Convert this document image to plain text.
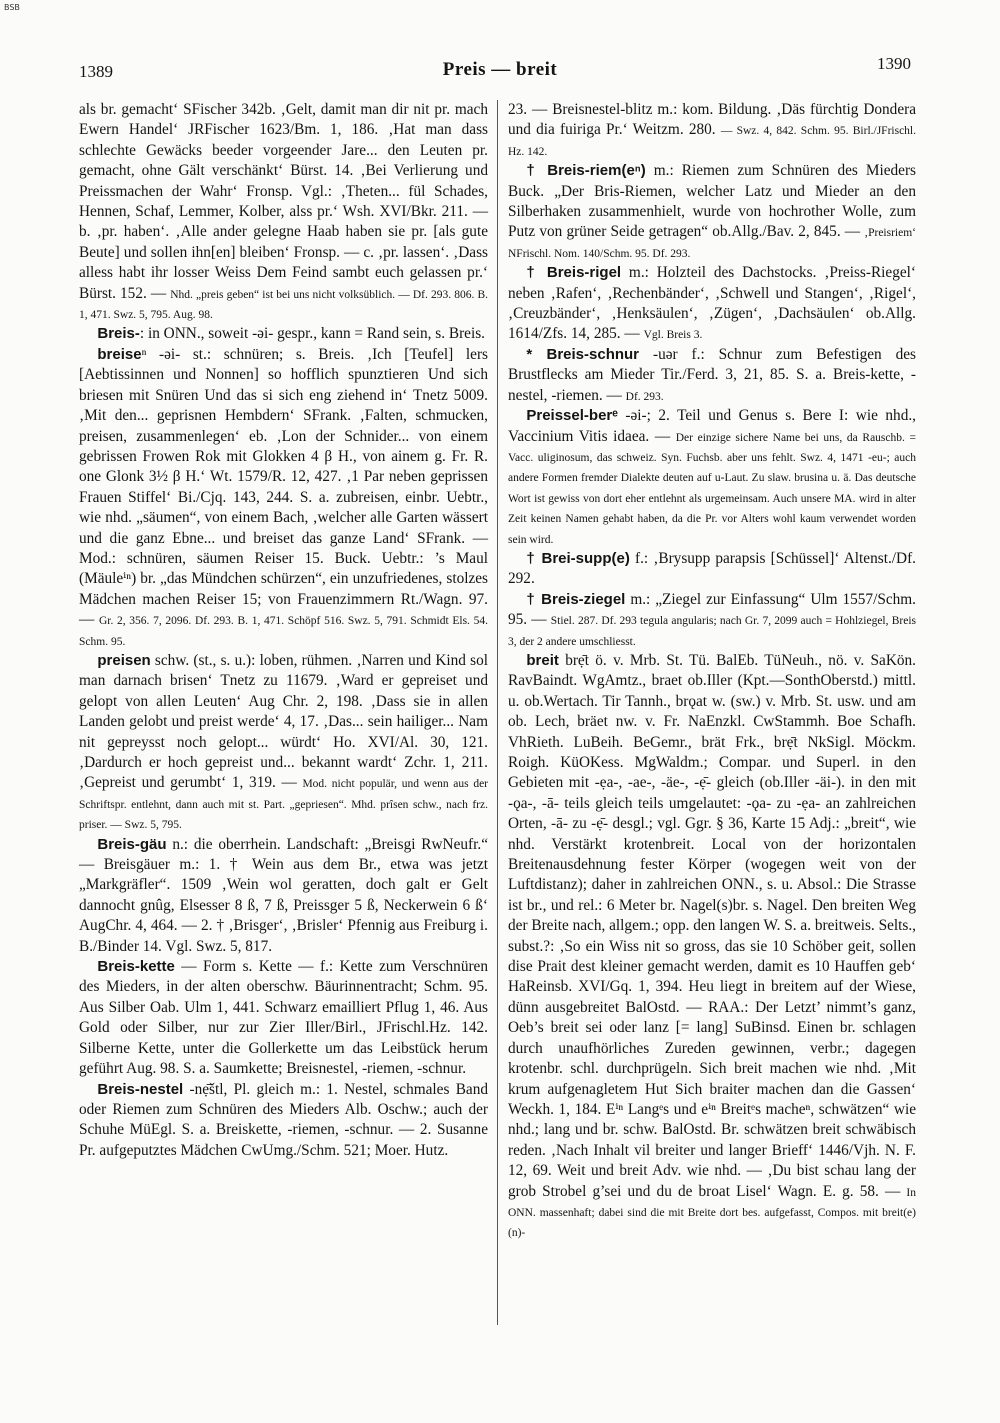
BSB
1389	Preis — breit	1390

als br. gemacht‘ SFischer 342b. ‚Gelt, damit man dir nit pr. mach Ewern Handel‘ JRFischer 1623/Bm. 1, 186. ‚Hat man dass schlechte Gewäcks beeder vorgeender Jare... den Leuten pr. gemacht, ohne Gält verschänkt‘ Bürst. 14. ‚Bei Verlierung und Preissmachen der Wahr‘ Fronsp. Vgl.: ‚Theten... fül Schades, Hennen, Schaf, Lemmer, Kolber, alss pr.‘ Wsh. XVI/Bkr. 211. — b. ‚pr. haben‘. ‚Alle ander gelegne Haab haben sie pr. [als gute Beute] und sollen ihn[en] bleiben‘ Fronsp. — c. ‚pr. lassen‘. ‚Dass alless habt ihr losser Weiss Dem Feind sambt euch gelassen pr.‘ Bürst. 152. — Nhd. „preis geben“ ist bei uns nicht volksüblich. — Df. 293. 806. B. 1, 471. Swz. 5, 795. Aug. 98.

Breis-: in ONN., soweit -əi- gespr., kann = Rand sein, s. Breis.

breiseⁿ -əi- st.: schnüren; s. Breis. ‚Ich [Teufel] lers [Aebtissinnen und Nonnen] so hofflich spunztieren Und sich briesen mit Snüren Und das si sich eng ziehend in‘ Tnetz 5009. ‚Mit den... geprisnen Hembdern‘ SFrank. ‚Falten, schmucken, preisen, zusammenlegen‘ eb. ‚Lon der Schnider... von einem gebrissen Frowen Rok mit Glokken 4 β H., von ainem g. Fr. R. one Glonk 3½ β H.‘ Wt. 1579/R. 12, 427. ‚1 Par neben geprissen Frauen Stiffel‘ Bi./Cjq. 143, 244. S. a. zubreisen, einbr. Uebtr., wie nhd. „säumen“, von einem Bach, ‚welcher alle Garten wässert und die ganz Ebne... und breiset das ganze Land‘ SFrank. — Mod.: schnüren, säumen Reiser 15. Buck. Uebtr.: ’s Maul (Mäuleⁱⁿ) br. „das Mündchen schürzen“, ein unzufriedenes, stolzes Mädchen machen Reiser 15; von Frauenzimmern Rt./Wagn. 97. — Gr. 2, 356. 7, 2096. Df. 293. B. 1, 471. Schöpf 516. Swz. 5, 791. Schmidt Els. 54. Schm. 95.

preisen schw. (st., s. u.): loben, rühmen. ‚Narren und Kind sol man darnach brisen‘ Tnetz zu 11679. ‚Ward er gepreiset und gelopt von allen Leuten‘ Aug Chr. 2, 198. ‚Dass sie in allen Landen gelobt und preist werde‘ 4, 17. ‚Das... sein hailiger... Nam nit gepreysst noch gelopt... würdt‘ Ho. XVI/Al. 30, 121. ‚Dardurch er hoch gepreist und... bekannt wardt‘ Zchr. 1, 211. ‚Gepreist und gerumbt‘ 1, 319. — Mod. nicht populär, und wenn aus der Schriftspr. entlehnt, dann auch mit st. Part. „gepriesen“. Mhd. prîsen schw., nach frz. priser. — Swz. 5, 795.

Breis-gäu n.: die oberrhein. Landschaft: „Breisgi RwNeufr.“ — Breisgäuer m.: 1. † Wein aus dem Br., etwa was jetzt „Markgräfler“. 1509 ‚Wein wol geratten, doch galt er Gelt dannocht gnûg, Elsesser 8 ß, 7 ß, Preissger 5 ß, Neckerwein 6 ß‘ AugChr. 4, 464. — 2. † ‚Brisger‘, ‚Brisler‘ Pfennig aus Freiburg i. B./Binder 14. Vgl. Swz. 5, 817.

Breis-kette — Form s. Kette — f.: Kette zum Verschnüren des Mieders, in der alten oberschw. Bäurinnentracht; Schm. 95. Aus Silber Oab. Ulm 1, 441. Schwarz emailliert Pflug 1, 46. Aus Gold oder Silber, nur zur Zier Iller/Birl., JFrischl.Hz. 142. Silberne Kette, unter die Gollerkette um das Leibstück herum geführt Aug. 98. S. a. Saumkette; Breisnestel, -riemen, -schnur.

Breis-nestel -nẹ̄štl, Pl. gleich m.: 1. Nestel, schmales Band oder Riemen zum Schnüren des Mieders Alb. Oschw.; auch der Schuhe MüEgl. S. a. Breiskette, -riemen, -schnur. — 2. Susanne Pr. aufgeputztes Mädchen CwUmg./Schm. 521; Moer. Hutz.

23. — Breisnestel-blitz m.: kom. Bildung. ‚Däs fürchtig Dondera und dia fuiriga Pr.‘ Weitzm. 280. — Swz. 4, 842. Schm. 95. Birl./JFrischl. Hz. 142.

† Breis-riem(eⁿ) m.: Riemen zum Schnüren des Mieders Buck. „Der Bris-Riemen, welcher Latz und Mieder an den Silberhaken zusammenhielt, wurde von hochrother Wolle, zum Putz von grüner Seide getragen“ ob.Allg./Bav. 2, 845. — ‚Preisriem‘ NFrischl. Nom. 140/Schm. 95. Df. 293.

† Breis-rigel m.: Holzteil des Dachstocks. ‚Preiss-Riegel‘ neben ‚Rafen‘, ‚Rechenbänder‘, ‚Schwell und Stangen‘, ‚Rigel‘, ‚Creuzbänder‘, ‚Henksäulen‘, ‚Zügen‘, ‚Dachsäulen‘ ob.Allg. 1614/Zfs. 14, 285. — Vgl. Breis 3.

* Breis-schnur -uər f.: Schnur zum Befestigen des Brustflecks am Mieder Tir./Ferd. 3, 21, 85. S. a. Breis-kette, -nestel, -riemen. — Df. 293.

Preissel-berᵉ -əi-; 2. Teil und Genus s. Bere I: wie nhd., Vaccinium Vitis idaea. — Der einzige sichere Name bei uns, da Rauschb. = Vacc. uliginosum, das schweiz. Syn. Fuchsb. aber uns fehlt. Swz. 4, 1471 -eu-; auch andere Formen fremder Dialekte deuten auf u-Laut. Zu slaw. brusina u. ä. Das deutsche Wort ist gewiss von dort eher entlehnt als urgemeinsam. Auch unsere MA. wird in alter Zeit keinen Namen gehabt haben, da die Pr. vor Alters wohl kaum verwendet worden sein wird.

† Brei-supp(e) f.: ‚Brysupp parapsis [Schüssel]‘ Altenst./Df. 292.

† Breis-ziegel m.: „Ziegel zur Einfassung“ Ulm 1557/Schm. 95. — Stiel. 287. Df. 293 tegula angularis; nach Gr. 7, 2099 auch = Hohlziegel, Breis 3, der 2 andere umschliesst.

breit brẹ̄t ö. v. Mrb. St. Tü. BalEb. TüNeuh., nö. v. SaKön. RavBaindt. WgAmtz., braet ob.Iller (Kpt.—SonthOberstd.) mittl. u. ob.Wertach. Tir Tannh., brǫat w. (sw.) v. Mrb. St. usw. und am ob. Lech, bräet nw. v. Fr. NaEnzkl. CwStammh. Boe Schafh. VhRieth. LuBeih. BeGemr., brät Frk., brẹ̄t NkSigl. Möckm. Roigh. KüOKess. MgWaldm.; Compar. und Superl. in den Gebieten mit -ẹa-, -ae-, -äe-, -ẹ̄- gleich (ob.Iller -äi-). in den mit -ǫa-, -ā- teils gleich teils umgelautet: -ǫa- zu -ẹa- an zahlreichen Orten, -ā- zu -ẹ̄- desgl.; vgl. Ggr. § 36, Karte 15 Adj.: „breit“, wie nhd. Verstärkt krotenbreit. Local von der horizontalen Breitenausdehnung fester Körper (wogegen weit von der Luftdistanz); daher in zahlreichen ONN., s. u. Absol.: Die Strasse ist br., und rel.: 6 Meter br. Nagel(s)br. s. Nagel. Den breiten Weg der Breite nach, allgem.; opp. den langen W. S. a. breitweis. Selts., subst.?: ‚So ein Wiss nit so gross, das sie 10 Schöber geit, sollen dise Prait dest kleiner gemacht werden, damit es 10 Hauffen geb‘ HaReinsb. XVI/Gq. 1, 394. Heu liegt in breitem auf der Wiese, dünn ausgebreitet BalOstd. — RAA.: Der Letzt’ nimmt’s ganz, Oeb’s breit sei oder lanz [= lang] SuBinsd. Einen br. schlagen durch unaufhörliches Zureden gewinnen, verbr.; dagegen krotenbr. schl. durchprügeln. Sich breit machen wie nhd. ‚Mit krum aufgenagletem Hut Sich braiter machen dan die Gassen‘ Weckh. 1, 184. Eⁱⁿ Langᵉs und eⁱⁿ Breitᵉs macheⁿ, schwätzen“ wie nhd.; lang und br. schw. BalOstd. Br. schwätzen breit schwäbisch reden. ‚Nach Inhalt vil breiter und langer Brieff‘ 1446/Vjh. N. F. 12, 69. Weit und breit Adv. wie nhd. — ‚Du bist schau lang der grob Strobel g’sei und du de broat Lisel‘ Wagn. E. g. 58. — In ONN. massenhaft; dabei sind die mit Breite dort bes. aufgefasst, Compos. mit breit(e)(n)-
